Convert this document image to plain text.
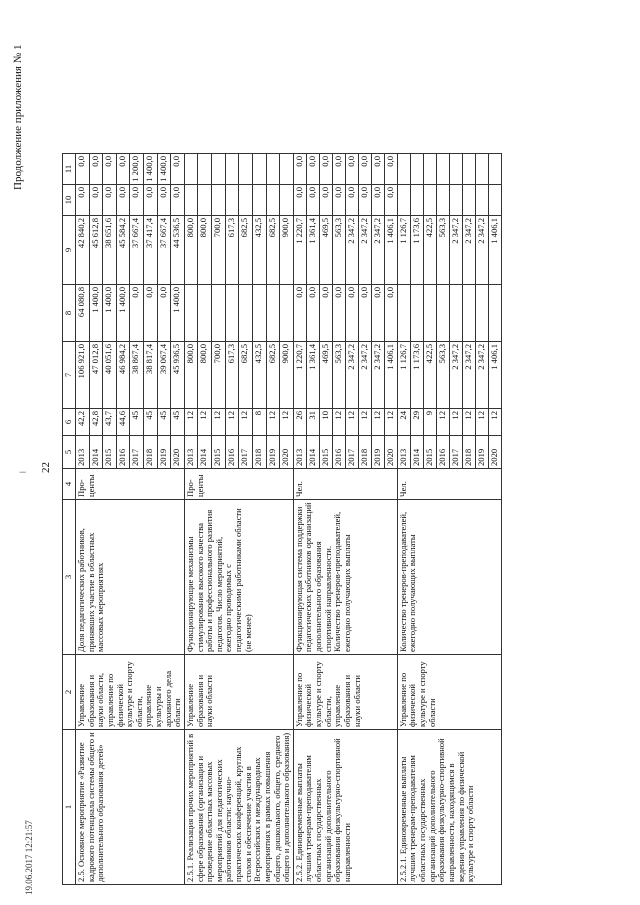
Продолжение приложения № 1
ǀ 22
19.06.2017 12:21:57
1	2	3	4	5	6	7	8	9	10	11
2.5. Основное мероприятие «Развитие кадрового потенциала системы общего и дополнительного образования детей»	Управление образования и науки области, управление по физической культуре и спорту области, управление культуры и архивного дела области	Доля педагогических работников, принявших участие в областных массовых мероприятиях	Про-центы	2013	42,2	106 921,0	64 080,8	42 840,2	0,0	0,0
				2014	42,8	47 012,8	1 400,0	45 612,8	0,0	0,0
				2015	43,7	40 051,6	1 400,0	38 651,6	0,0	0,0
				2016	44,6	46 984,2	1 400,0	45 584,2	0,0	0,0
				2017	45	38 867,4	0,0	37 667,4	0,0	1 200,0
				2018	45	38 817,4	0,0	37 417,4	0,0	1 400,0
				2019	45	39 067,4	0,0	37 667,4	0,0	1 400,0
				2020	45	45 936,5	1 400,0	44 536,5	0,0	0,0
2.5.1. Реализация прочих мероприятий в сфере образования (организация и проведение областных массовых мероприятий для педагогических работников области: научно-практических конференций, круглых столов и обеспечение участия в Всероссийских и международных мероприятиях в рамках повышения общего, дошкольного, общего, среднего общего и дополнительного образования)	Управление образования и науки области	Функционирующие механизмы стимулирования высокого качества работы и профессионального развития педагогов. Число мероприятий, ежегодно проводимых с педагогическими работниками области (не менее)	Про-центы	2013	12	800,0		800,0		
				2014	12	800,0		800,0		
				2015	12	700,0		700,0		
				2016	12	617,3		617,3		
				2017	12	682,5		682,5		
				2018	8	432,5		432,5		
				2019	12	682,5		682,5		
				2020	12	900,0		900,0		
2.5.2. Единовременные выплаты лучшим тренерам-преподавателям областных государственных организаций дополнительного образования физкультурно-спортивной направленности	Управление по физической культуре и спорту области, управление образования и науки области	Функционирующая система поддержки педагогических работников организаций дополнительного образования спортивной направленности. Количество тренеров-преподавателей, ежегодно получающих выплаты	Чел.	2013	26	1 220,7	0,0	1 220,7	0,0	0,0
				2014	31	1 361,4	0,0	1 361,4	0,0	0,0
				2015	10	469,5	0,0	469,5	0,0	0,0
				2016	12	563,3	0,0	563,3	0,0	0,0
				2017	12	2 347,2	0,0	2 347,2	0,0	0,0
				2018	12	2 347,2	0,0	2 347,2	0,0	0,0
				2019	12	2 347,2	0,0	2 347,2	0,0	0,0
				2020	12	1 406,1	0,0	1 406,1	0,0	0,0
2.5.2.1. Единовременные выплаты лучшим тренерам-преподавателям областных государственных организаций дополнительного образования физкультурно-спортивной направленности, находящимся в ведении управления по физической культуре и спорту области	Управление по физической культуре и спорту области	Количество тренеров-преподавателей, ежегодно получающих выплаты	Чел.	2013	24	1 126,7		1 126,7		
				2014	29	1 173,6		1 173,6		
				2015	9	422,5		422,5		
				2016	12	563,3		563,3		
				2017	12	2 347,2		2 347,2		
				2018	12	2 347,2		2 347,2		
				2019	12	2 347,2		2 347,2		
				2020	12	1 406,1		1 406,1		
